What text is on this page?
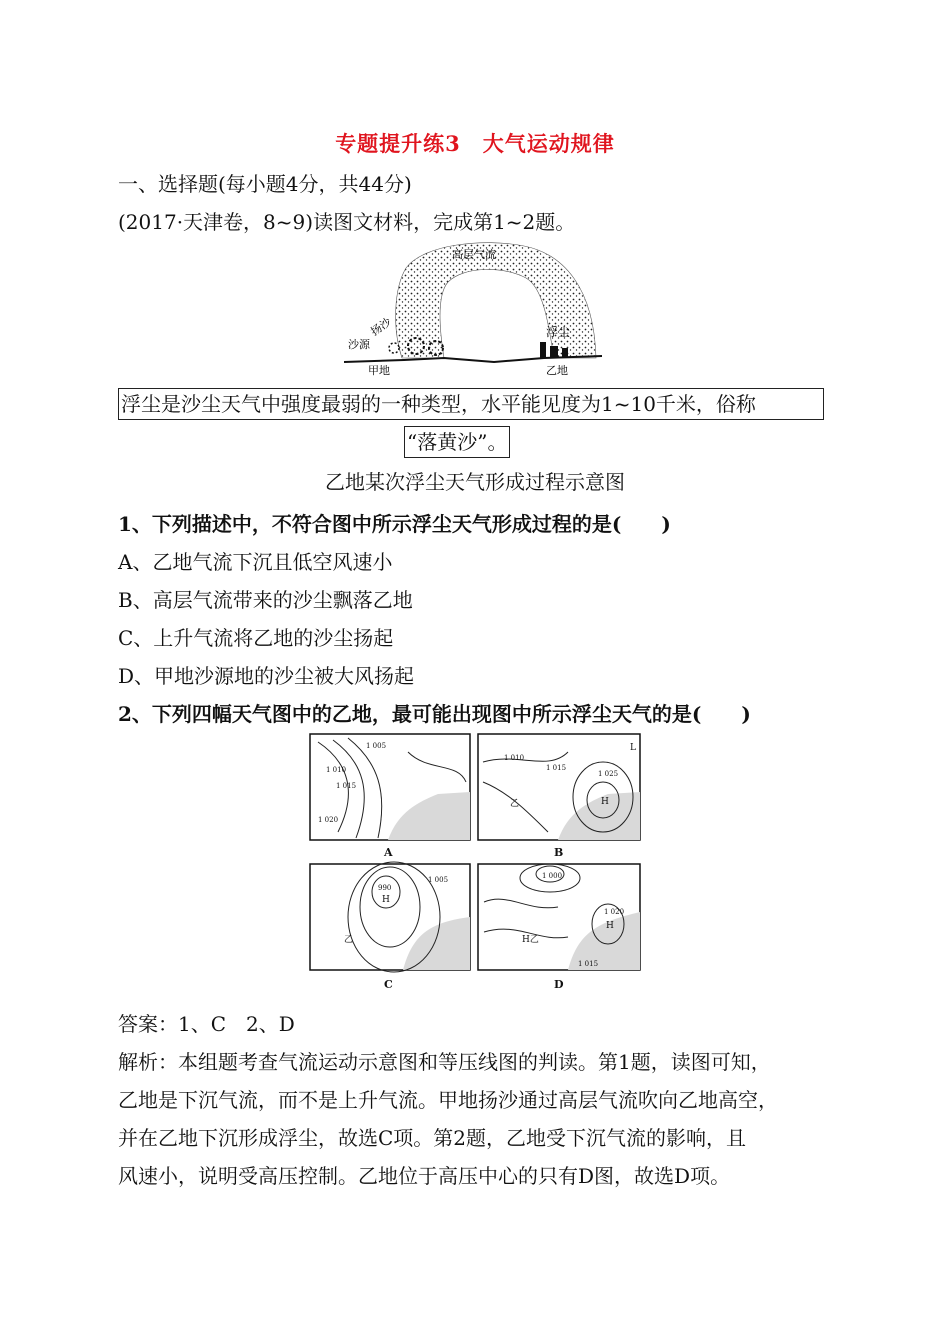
专题提升练3　大气运动规律
一、选择题(每小题4分，共44分)
(2017·天津卷，8~9)读图文材料，完成第1~2题。
高层气流
扬沙
沙源
甲地
浮尘
乙地
浮尘是沙尘天气中强度最弱的一种类型，水平能见度为1~10千米，俗称
“落黄沙”。
乙地某次浮尘天气形成过程示意图
1、下列描述中，不符合图中所示浮尘天气形成过程的是(　　)
A、乙地气流下沉且低空风速小
B、高层气流带来的沙尘飘落乙地
C、上升气流将乙地的沙尘扬起
D、甲地沙源地的沙尘被大风扬起
2、下列四幅天气图中的乙地，最可能出现图中所示浮尘天气的是(　　)
1 005
1 010
1 015
1 020
A
1 010
1 015
1 025
H
L
乙
B
990
H
1 005
乙
C
1 000
H乙
1 020
H
1 015
D
答案：1、C　2、D
解析：本组题考查气流运动示意图和等压线图的判读。第1题，读图可知，
乙地是下沉气流，而不是上升气流。甲地扬沙通过高层气流吹向乙地高空，
并在乙地下沉形成浮尘，故选C项。第2题，乙地受下沉气流的影响，且
风速小，说明受高压控制。乙地位于高压中心的只有D图，故选D项。
